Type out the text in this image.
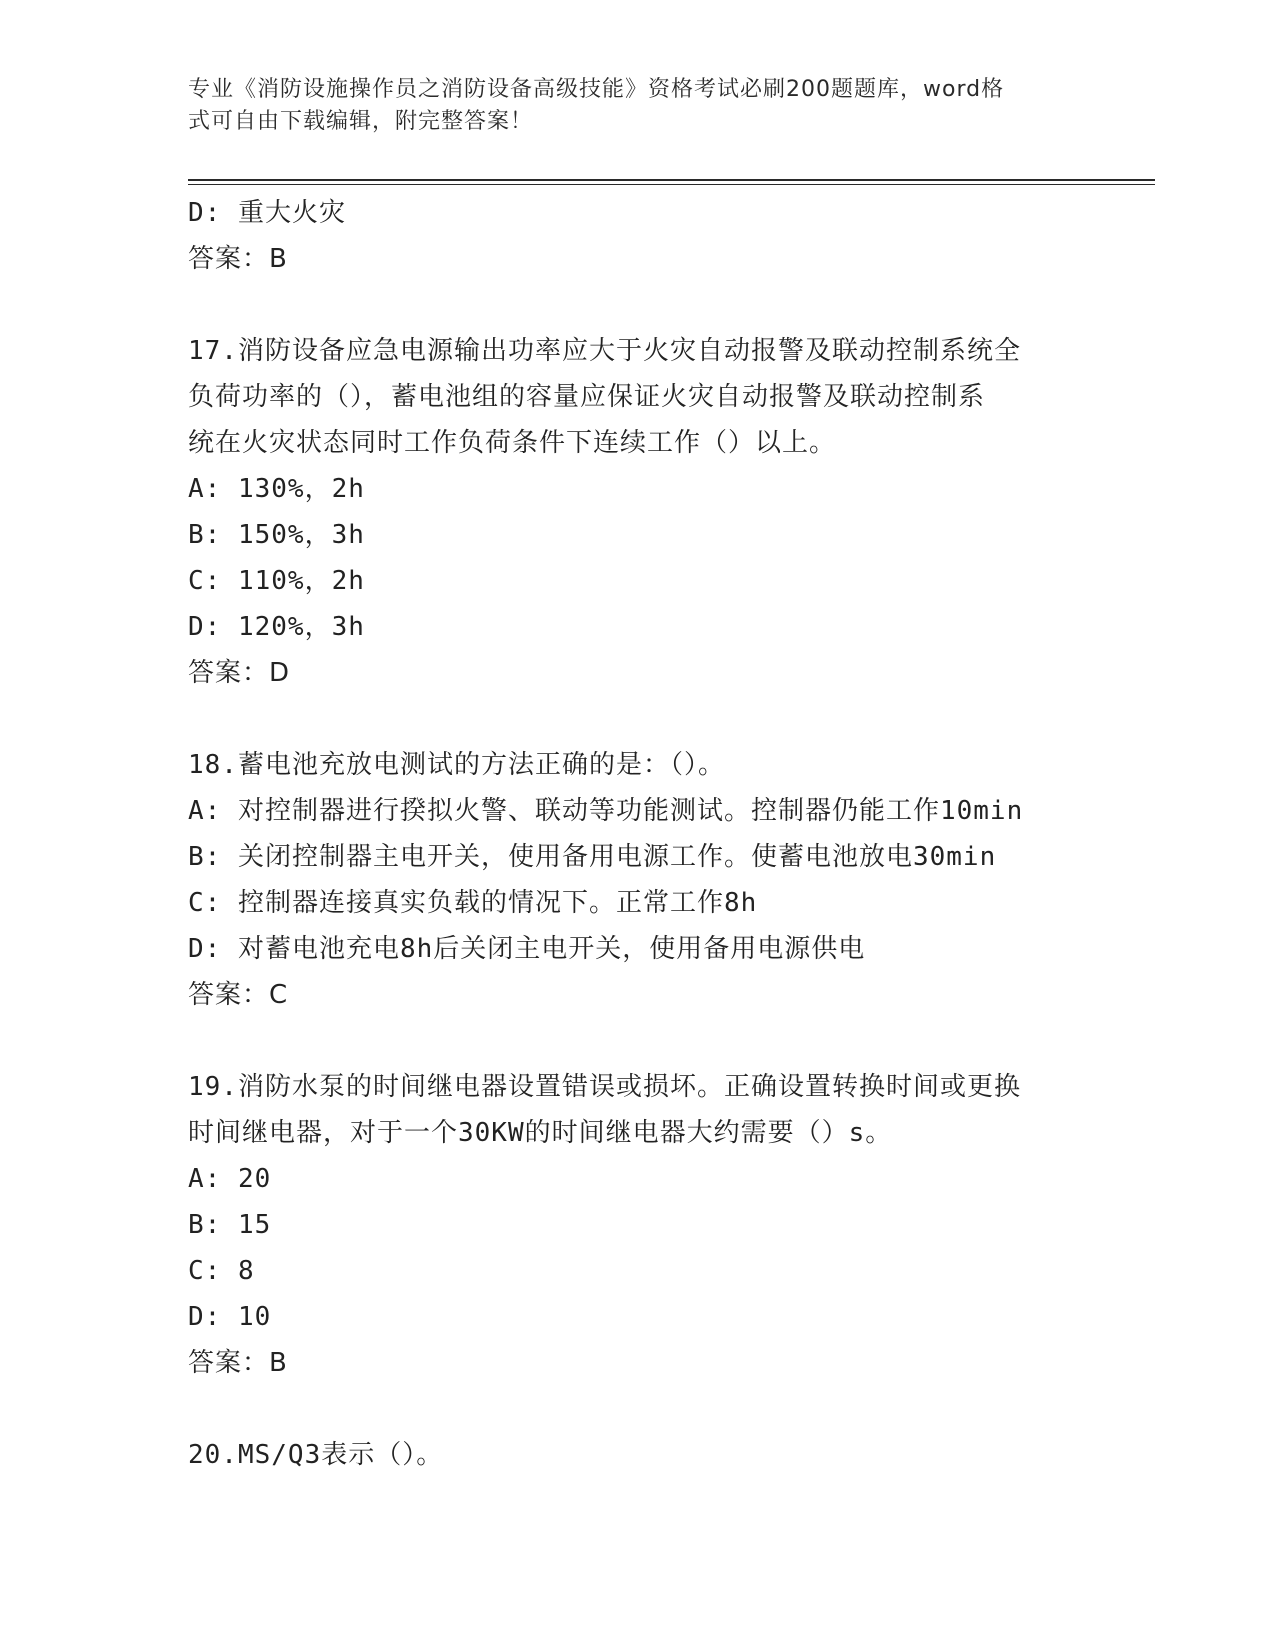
专业《消防设施操作员之消防设备高级技能》资格考试必刷200题题库，word格
式可自由下载编辑，附完整答案！
D: 重大火灾
答案：B
17.消防设备应急电源输出功率应大于火灾自动报警及联动控制系统全
负荷功率的（），蓄电池组的容量应保证火灾自动报警及联动控制系
统在火灾状态同时工作负荷条件下连续工作（）以上。
A: 130%，2h
B: 150%，3h
C: 110%，2h
D: 120%，3h
答案：D
18.蓄电池充放电测试的方法正确的是：（）。
A: 对控制器进行揆拟火警、联动等功能测试。控制器仍能工作10min
B: 关闭控制器主电开关，使用备用电源工作。使蓄电池放电30min
C: 控制器连接真实负载的情况下。正常工作8h
D: 对蓄电池充电8h后关闭主电开关，使用备用电源供电
答案：C
19.消防水泵的时间继电器设置错误或损坏。正确设置转换时间或更换
时间继电器，对于一个30KW的时间继电器大约需要（）s。
A: 20
B: 15
C: 8
D: 10
答案：B
20.MS/Q3表示（）。
